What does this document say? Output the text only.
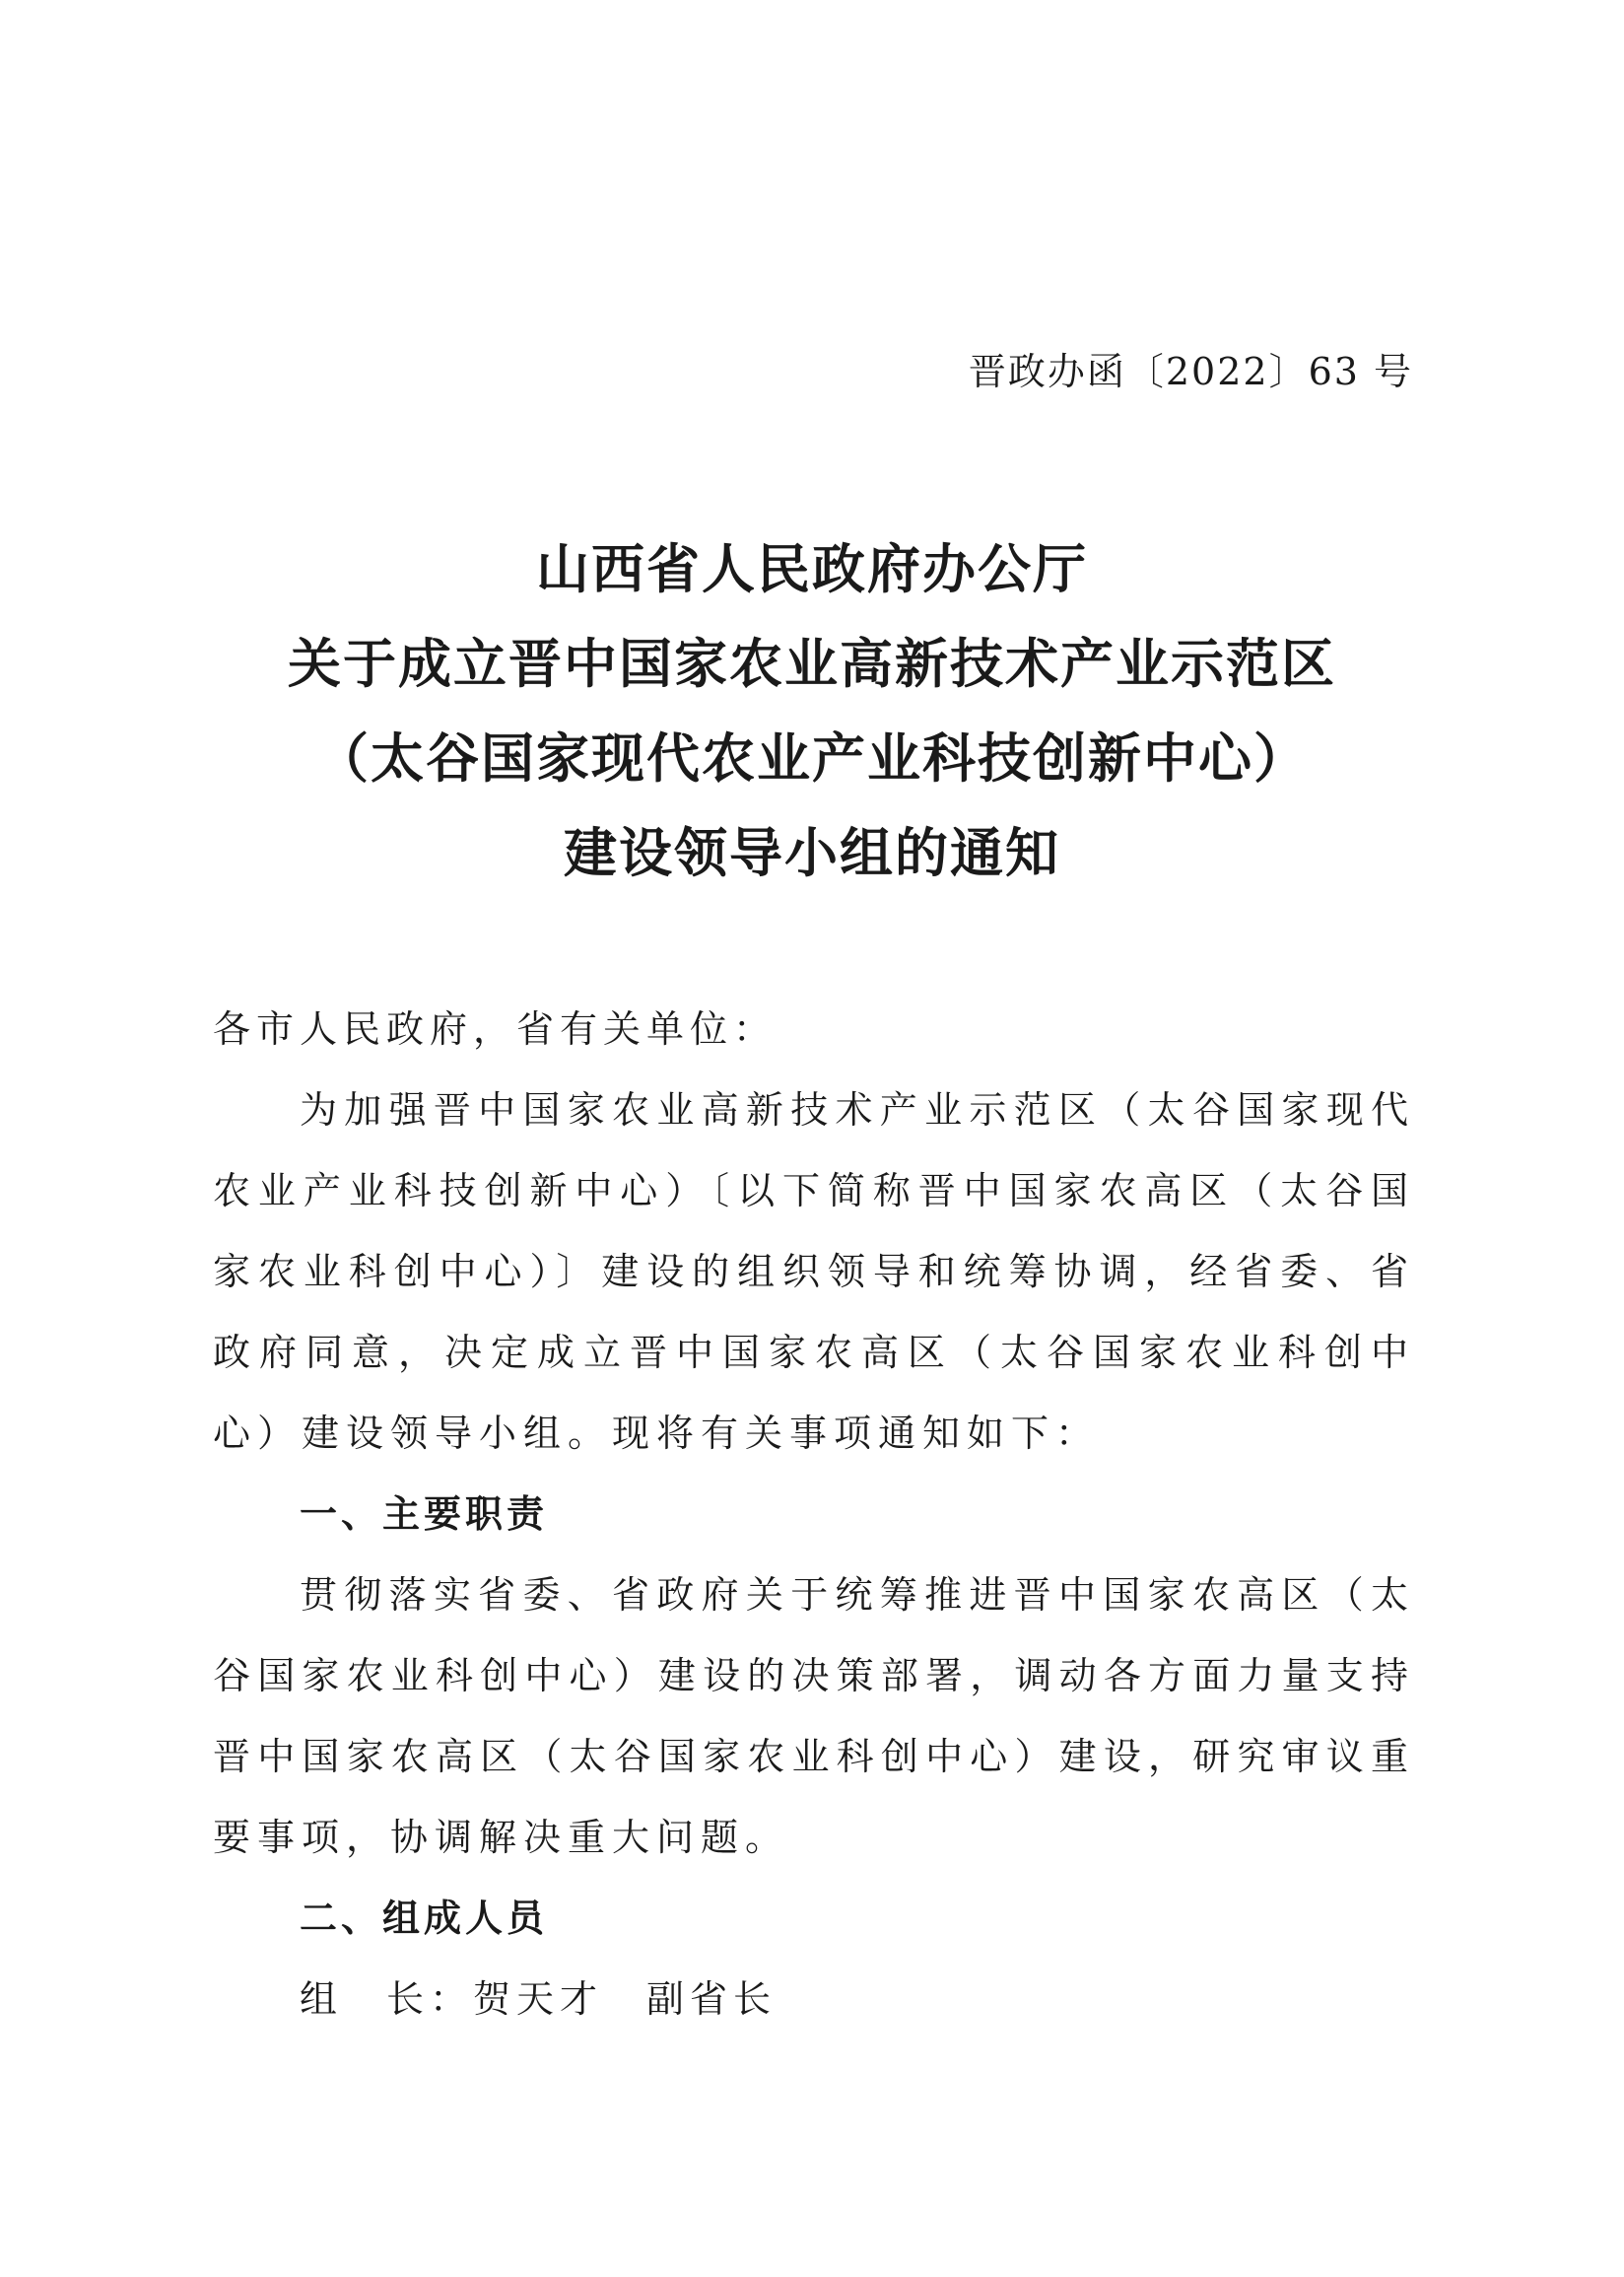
晋政办函〔2022〕63 号
山西省人民政府办公厅
关于成立晋中国家农业高新技术产业示范区
（太谷国家现代农业产业科技创新中心）
建设领导小组的通知

各市人民政府，省有关单位：

为加强晋中国家农业高新技术产业示范区（太谷国家现代农业产业科技创新中心）〔以下简称晋中国家农高区（太谷国家农业科创中心）〕建设的组织领导和统筹协调，经省委、省政府同意，决定成立晋中国家农高区（太谷国家农业科创中心）建设领导小组。现将有关事项通知如下：

一、主要职责

贯彻落实省委、省政府关于统筹推进晋中国家农高区（太谷国家农业科创中心）建设的决策部署，调动各方面力量支持晋中国家农高区（太谷国家农业科创中心）建设，研究审议重要事项，协调解决重大问题。

二、组成人员

组　长：贺天才　副省长
